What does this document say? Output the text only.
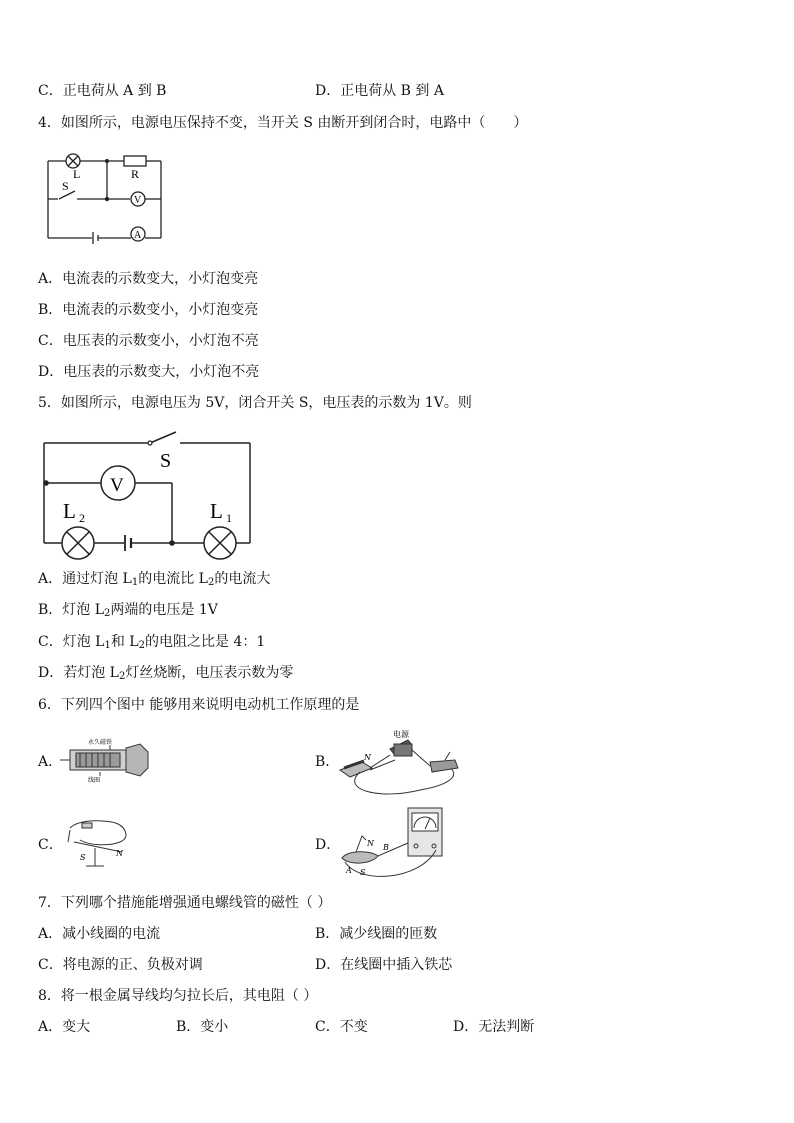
C．正电荷从 A 到 B	D．正电荷从 B 到 A
4．如图所示，电源电压保持不变，当开关 S 由断开到闭合时，电路中（　　）
L	R
S
V
A
A．电流表的示数变大，小灯泡变亮
B．电流表的示数变小，小灯泡变亮
C．电压表的示数变小，小灯泡不亮
D．电压表的示数变大，小灯泡不亮
5．如图所示，电源电压为 5V，闭合开关 S，电压表的示数为 1V。则
S
V
L 2	L 1
A．通过灯泡 $L_1$的电流比 $L_2$的电流大
B．灯泡 $L_2$两端的电压是 1V
C．灯泡 $L_1$和 $L_2$的电阻之比是 4：1
D．若灯泡 $L_2$灯丝烧断，电压表示数为零
6．下列四个图中 能够用来说明电动机工作原理的是
A．	B．
C．	D．
永久磁铁
线圈
电源
N
S	N
N B
A S
7．下列哪个措施能增强通电螺线管的磁性（ ）
A．减小线圈的电流	B．减少线圈的匝数
C．将电源的正、负极对调	D．在线圈中插入铁芯
8．将一根金属导线均匀拉长后，其电阻（ ）
A．变大	B．变小	C．不变	D．无法判断
